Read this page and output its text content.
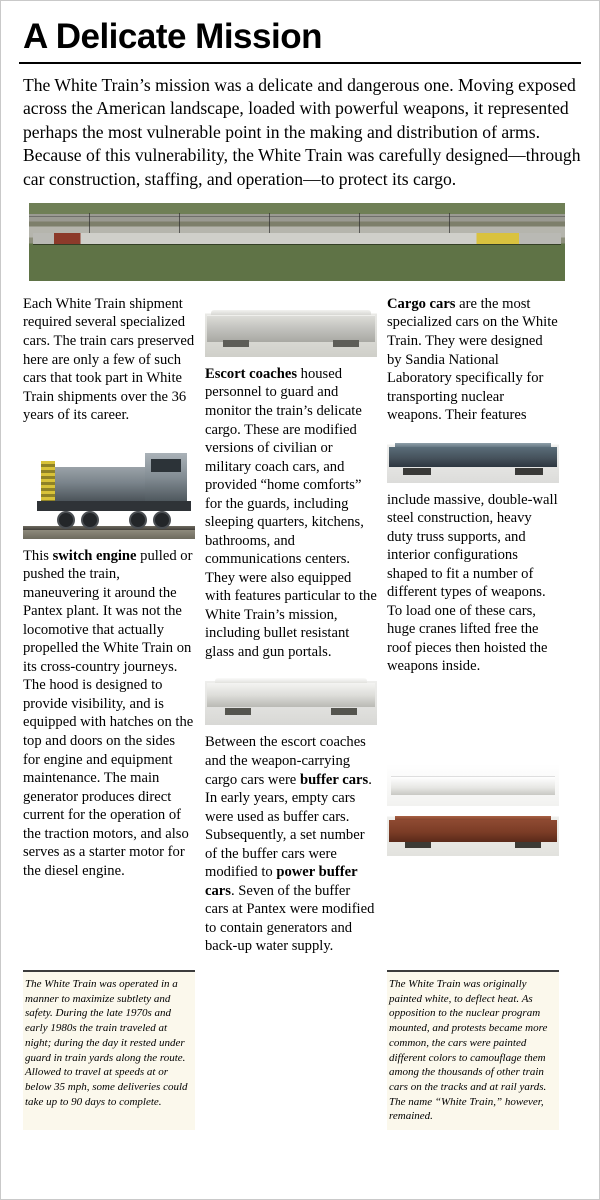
A Delicate Mission

The White Train’s mission was a delicate and dangerous one. Moving exposed across the American landscape, loaded with powerful weapons, it represented perhaps the most vulnerable point in the making and distribution of arms. Because of this vulnerability, the White Train was carefully designed—through car construction, staffing, and operation—to protect its cargo.

Each White Train shipment required several specialized cars. The train cars preserved here are only a few of such cars that took part in White Train shipments over the 36 years of its career.

This switch engine pulled or pushed the train, maneuvering it around the Pantex plant. It was not the locomotive that actually propelled the White Train on its cross-country journeys. The hood is designed to provide visibility, and is equipped with hatches on the top and doors on the sides for engine and equipment maintenance. The main generator produces direct current for the operation of the traction motors, and also serves as a starter motor for the diesel engine.

Escort coaches housed personnel to guard and monitor the train’s delicate cargo. These are modified versions of civilian or military coach cars, and provided “home comforts” for the guards, including sleeping quarters, kitchens, bathrooms, and communications centers. They were also equipped with features particular to the White Train’s mission, including bullet resistant glass and gun portals.

Between the escort coaches and the weapon-carrying cargo cars were buffer cars. In early years, empty cars were used as buffer cars. Subsequently, a set number of the buffer cars were modified to power buffer cars. Seven of the buffer cars at Pantex were modified to contain generators and back-up water supply.

Cargo cars are the most specialized cars on the White Train. They were designed by Sandia National Laboratory specifically for transporting nuclear weapons. Their features

include massive, double-wall steel construction, heavy duty truss supports, and interior configurations shaped to fit a number of different types of weapons. To load one of these cars, huge cranes lifted free the roof pieces then hoisted the weapons inside.

The White Train was operated in a manner to maximize subtlety and safety. During the late 1970s and early 1980s the train traveled at night; during the day it rested under guard in train yards along the route. Allowed to travel at speeds at or below 35 mph, some deliveries could take up to 90 days to complete.
The White Train was originally painted white, to deflect heat. As opposition to the nuclear program mounted, and protests became more common, the cars were painted different colors to camouflage them among the thousands of other train cars on the tracks and at rail yards. The name “White Train,” however, remained.
